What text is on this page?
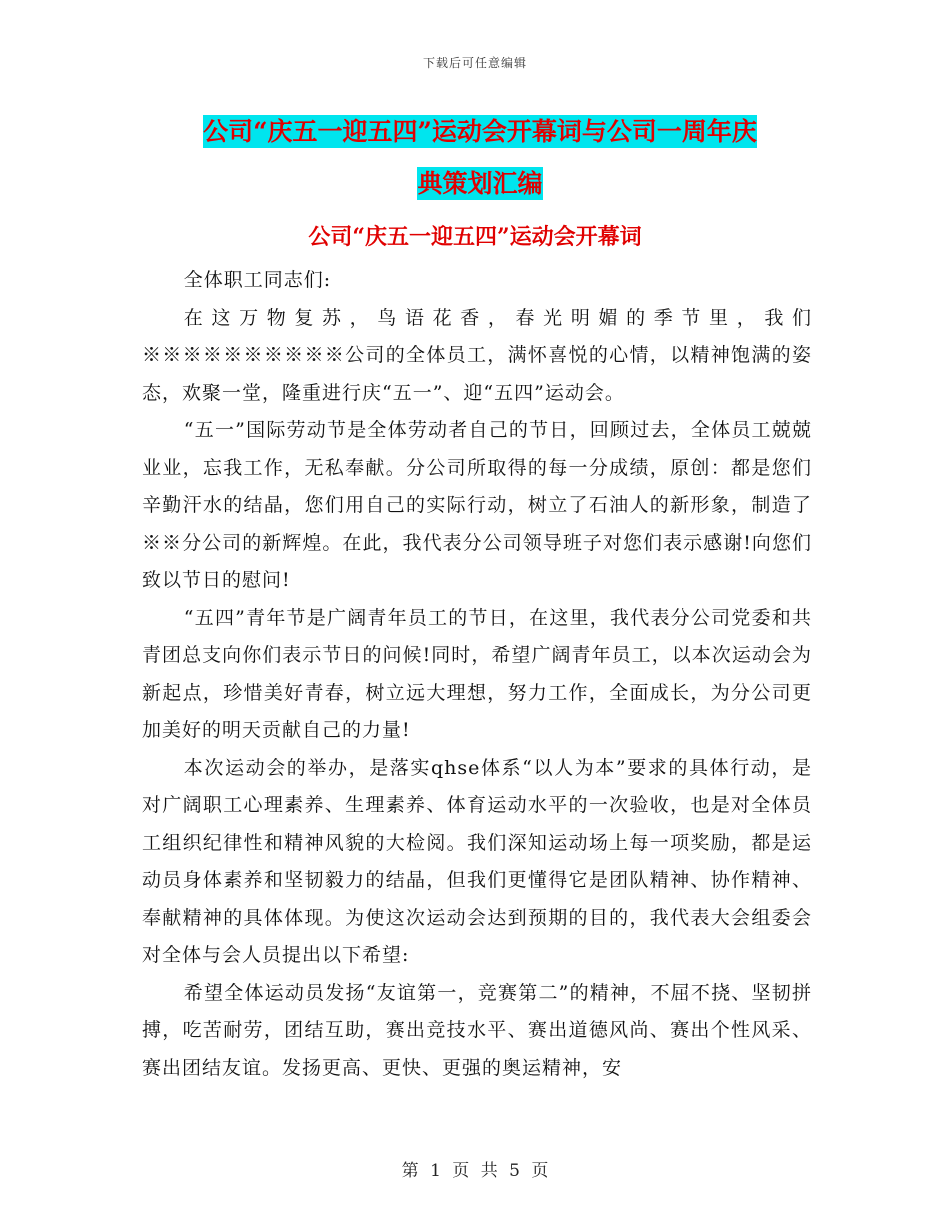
下载后可任意编辑
公司“庆五一迎五四”运动会开幕词与公司一周年庆
典策划汇编
公司“庆五一迎五四”运动会开幕词

全体职工同志们:

在这万物复苏，鸟语花香，春光明媚的季节里，我们※※※※※※※※※※公司的全体员工，满怀喜悦的心情，以精神饱满的姿态，欢聚一堂，隆重进行庆“五一”、迎“五四”运动会。

“五一”国际劳动节是全体劳动者自己的节日，回顾过去，全体员工兢兢业业，忘我工作，无私奉献。分公司所取得的每一分成绩，原创：都是您们辛勤汗水的结晶，您们用自己的实际行动，树立了石油人的新形象，制造了※※分公司的新辉煌。在此，我代表分公司领导班子对您们表示感谢!向您们致以节日的慰问!

“五四”青年节是广阔青年员工的节日，在这里，我代表分公司党委和共青团总支向你们表示节日的问候!同时，希望广阔青年员工，以本次运动会为新起点，珍惜美好青春，树立远大理想，努力工作，全面成长，为分公司更加美好的明天贡献自己的力量!

本次运动会的举办，是落实qhse体系“以人为本”要求的具体行动，是对广阔职工心理素养、生理素养、体育运动水平的一次验收，也是对全体员工组织纪律性和精神风貌的大检阅。我们深知运动场上每一项奖励，都是运动员身体素养和坚韧毅力的结晶，但我们更懂得它是团队精神、协作精神、奉献精神的具体体现。为使这次运动会达到预期的目的，我代表大会组委会对全体与会人员提出以下希望:

希望全体运动员发扬“友谊第一，竞赛第二”的精神，不屈不挠、坚韧拼搏，吃苦耐劳，团结互助，赛出竞技水平、赛出道德风尚、赛出个性风采、赛出团结友谊。发扬更高、更快、更强的奥运精神，安

第 1 页 共 5 页
